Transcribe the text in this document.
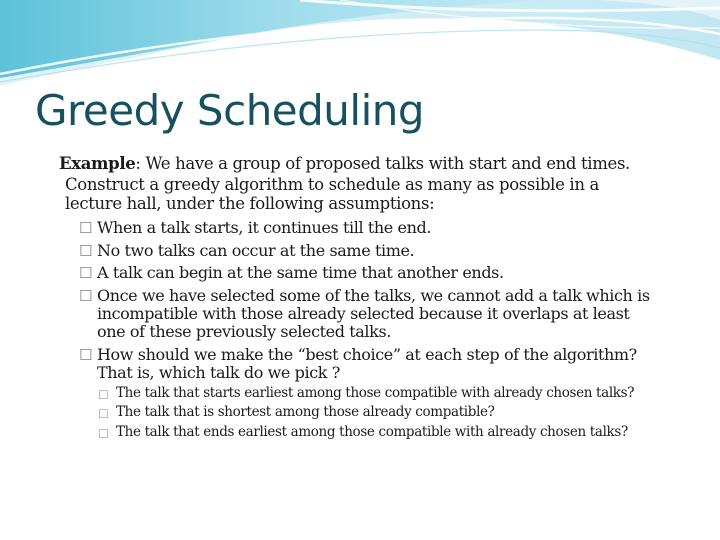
Greedy Scheduling
Example: We have a group of proposed talks with start and end times.
Construct a greedy algorithm to schedule as many as possible in a
lecture hall, under the following assumptions:
☐ When a talk starts, it continues till the end.
☐ No two talks can occur at the same time.
☐ A talk can begin at the same time that another ends.
☐ Once we have selected some of the talks, we cannot add a talk which is
incompatible with those already selected because it overlaps at least
one of these previously selected talks.
☐ How should we make the “best choice” at each step of the algorithm?
That is, which talk do we pick ?
☐ The talk that starts earliest among those compatible with already chosen talks?
☐ The talk that is shortest among those already compatible?
☐ The talk that ends earliest among those compatible with already chosen talks?
